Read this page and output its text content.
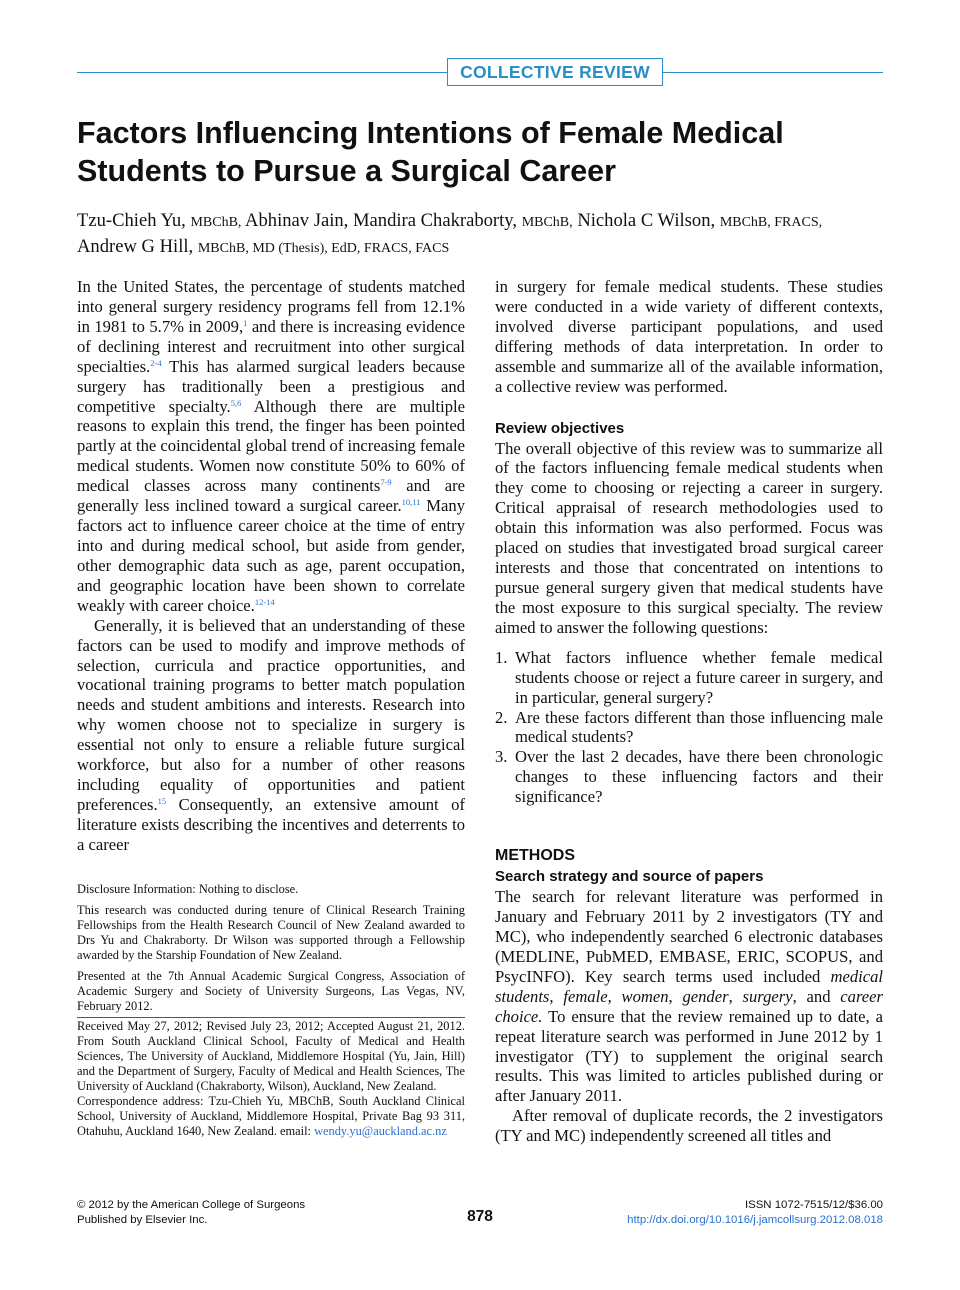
COLLECTIVE REVIEW
Factors Influencing Intentions of Female Medical Students to Pursue a Surgical Career
Tzu-Chieh Yu, MBChB, Abhinav Jain, Mandira Chakraborty, MBChB, Nichola C Wilson, MBChB, FRACS,
Andrew G Hill, MBChB, MD (Thesis), EdD, FRACS, FACS

In the United States, the percentage of students matched into general surgery residency programs fell from 12.1% in 1981 to 5.7% in 2009,$^1$ and there is increasing evidence of declining interest and recruitment into other surgical specialties.$^{2-4}$ This has alarmed surgical leaders because surgery has traditionally been a prestigious and competitive specialty.$^{5,6}$ Although there are multiple reasons to explain this trend, the finger has been pointed partly at the coincidental global trend of increasing female medical students. Women now constitute 50% to 60% of medical classes across many continents$^{7-9}$ and are generally less inclined toward a surgical career.$^{10,11}$ Many factors act to influence career choice at the time of entry into and during medical school, but aside from gender, other demographic data such as age, parent occupation, and geographic location have been shown to correlate weakly with career choice.$^{12-14}$

Generally, it is believed that an understanding of these factors can be used to modify and improve methods of selection, curricula and practice opportunities, and vocational training programs to better match population needs and student ambitions and interests. Research into why women choose not to specialize in surgery is essential not only to ensure a reliable future surgical workforce, but also for a number of other reasons including equality of opportunities and patient preferences.$^{15}$ Consequently, an extensive amount of literature exists describing the incentives and deterrents to a career

in surgery for female medical students. These studies were conducted in a wide variety of different contexts, involved diverse participant populations, and used differing methods of data interpretation. In order to assemble and summarize all of the available information, a collective review was performed.

Review objectives

The overall objective of this review was to summarize all of the factors influencing female medical students when they come to choosing or rejecting a career in surgery. Critical appraisal of research methodologies used to obtain this information was also performed. Focus was placed on studies that investigated broad surgical career interests and those that concentrated on intentions to pursue general surgery given that medical students have the most exposure to this surgical specialty. The review aimed to answer the following questions:

1. What factors influence whether female medical students choose or reject a future career in surgery, and in particular, general surgery?
2. Are these factors different than those influencing male medical students?
3. Over the last 2 decades, have there been chronologic changes to these influencing factors and their significance?
METHODS
Search strategy and source of papers

The search for relevant literature was performed in January and February 2011 by 2 investigators (TY and MC), who independently searched 6 electronic databases (MEDLINE, PubMED, EMBASE, ERIC, SCOPUS, and PsycINFO). Key search terms used included medical students, female, women, gender, surgery, and career choice. To ensure that the review remained up to date, a repeat literature search was performed in June 2012 by 1 investigator (TY) to supplement the original search results. This was limited to articles published during or after January 2011.

After removal of duplicate records, the 2 investigators (TY and MC) independently screened all titles and

Disclosure Information: Nothing to disclose.

This research was conducted during tenure of Clinical Research Training Fellowships from the Health Research Council of New Zealand awarded to Drs Yu and Chakraborty. Dr Wilson was supported through a Fellowship awarded by the Starship Foundation of New Zealand.

Presented at the 7th Annual Academic Surgical Congress, Association of Academic Surgery and Society of University Surgeons, Las Vegas, NV, February 2012.

Received May 27, 2012; Revised July 23, 2012; Accepted August 21, 2012. From South Auckland Clinical School, Faculty of Medical and Health Sciences, The University of Auckland, Middlemore Hospital (Yu, Jain, Hill) and the Department of Surgery, Faculty of Medical and Health Sciences, The University of Auckland (Chakraborty, Wilson), Auckland, New Zealand.

Correspondence address: Tzu-Chieh Yu, MBChB, South Auckland Clinical School, University of Auckland, Middlemore Hospital, Private Bag 93 311, Otahuhu, Auckland 1640, New Zealand. email: wendy.yu@auckland.ac.nz

© 2012 by the American College of Surgeons
Published by Elsevier Inc.	878
ISSN 1072-7515/12/$36.00
http://dx.doi.org/10.1016/j.jamcollsurg.2012.08.018
